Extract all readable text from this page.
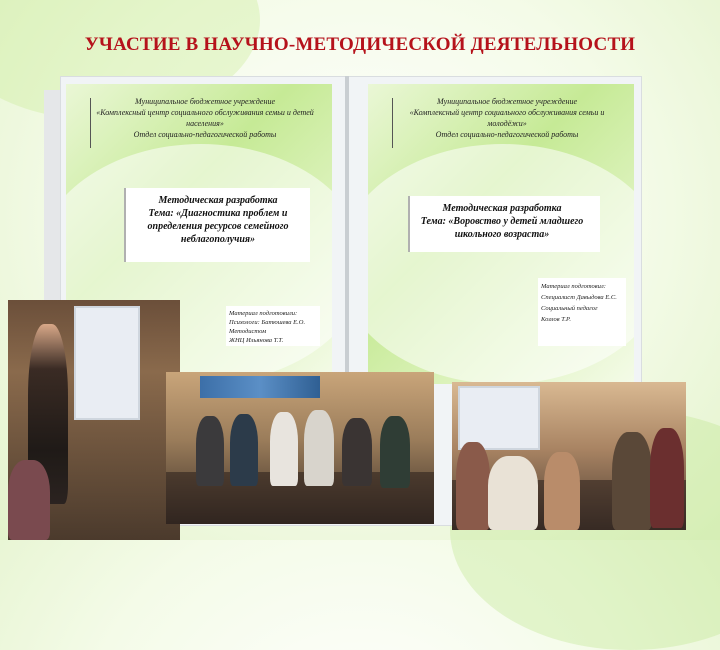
УЧАСТИЕ В НАУЧНО-МЕТОДИЧЕСКОЙ ДЕЯТЕЛЬНОСТИ
Муниципальное бюджетное учреждение
«Комплексный центр социального обслуживания семьи и детей
населения»
Отдел социально-педагогической работы
Методическая разработка
Тема: «Диагностика проблем и
определения ресурсов семейного
неблагополучия»
Материал подготовили:
Психологи: Батюшева Е.О.
Методистом
ЖНЦ Ильянова Т.Т.
Муниципальное бюджетное учреждение
«Комплексный центр социального обслуживания семьи и
молодёжи»
Отдел социально-педагогической работы
Методическая разработка
Тема: «Воровство у детей младшего
школьного возраста»
Материал подготовил:
Специалист Давыдова Е.С.
Социальный педагог
Козлов Т.Р.
